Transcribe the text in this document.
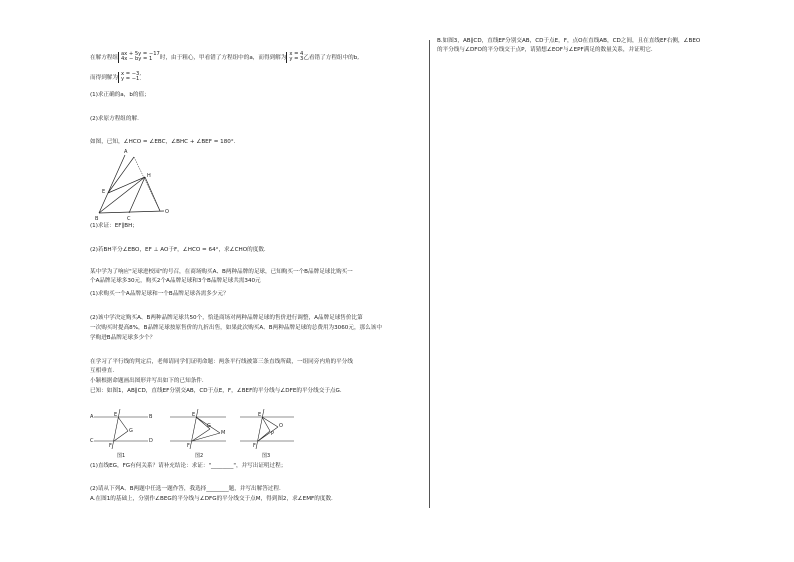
在解方程组ax + 5y = −17
4x − by = 1 时，由于粗心，甲看错了方程组中的a，而得到解为x = 4
y = 3乙看错了方程组中的b,
而得到解为x = −3,
y = −1.
(1)求正确的a，b的值；
(2)求原方程组的解.
如图，已知，∠HCO = ∠EBC，∠BHC + ∠BEF = 180°.
A
E
H
B	C
O
(1)求证：EF∥BH；
(2)若BH平分∠EBO，EF ⊥ AO于F，∠HCO = 64°，求∠CHO的度数.
某中学为了响应"足球进校园"的号召，在商场购买A、B两种品牌的足球，已知购买一个B品牌足球比购买一
个A品牌足球多30元，购买2个A品牌足球和3个B品牌足球共需340元
(1)求购买一个A品牌足球和一个B品牌足球各需多少元？
(2)该中学决定购买A、B两种品牌足球共50个，恰逢商场对两种品牌足球的售价进行调整，A品牌足球售价比第
一次购买时提高8%，B品牌足球按原售价的九折出售，如果此次购买A、B两种品牌足球的总费用为3060元，那么该中
学购进B品牌足球多少个？
在学习了平行线的判定后，老师请同学们证明命题：两条平行线被第三条直线所截，一组同旁内角的平分线
互相垂直.
小颖根据命题画出图形并写出如下的已知条件.
已知：如图1，AB∥CD，直线EF分别交AB，CD于点E，F，∠BEF的平分线与∠DFE的平分线交于点G.
E
G
F
A
C
B
D
图1
E
G
M
F
图2
E
O
P
F
图3
(1)直线EG，FG有何关系？请补充结论：求证："________"，并写出证明过程；
(2)请从下列A、B两题中任选一题作答，我选择________题，并写出解答过程.
A.在图1的基础上，分别作∠BEG的平分线与∠DFG的平分线交于点M，得到图2，求∠EMF的度数.
B.如图3，AB∥CD，直线EF分别交AB，CD于点E，F，点O在直线AB，CD之间，且在直线EF右侧，∠BEO
的平分线与∠DFO的平分线交于点P，请猜想∠EOF与∠EPF满足的数量关系，并证明它.
